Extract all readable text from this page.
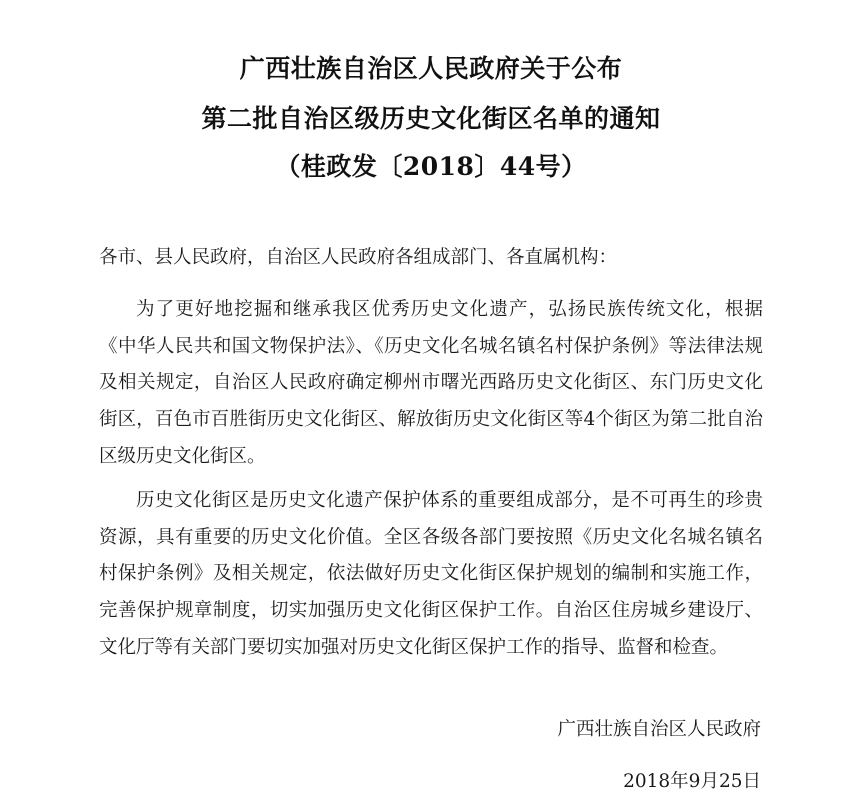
广西壮族自治区人民政府关于公布
第二批自治区级历史文化街区名单的通知
（桂政发〔2018〕44号）
各市、县人民政府，自治区人民政府各组成部门、各直属机构：
为了更好地挖掘和继承我区优秀历史文化遗产，弘扬民族传统文化，根据《中华人民共和国文物保护法》、《历史文化名城名镇名村保护条例》等法律法规及相关规定，自治区人民政府确定柳州市曙光西路历史文化街区、东门历史文化街区，百色市百胜街历史文化街区、解放街历史文化街区等4个街区为第二批自治区级历史文化街区。
历史文化街区是历史文化遗产保护体系的重要组成部分，是不可再生的珍贵资源，具有重要的历史文化价值。全区各级各部门要按照《历史文化名城名镇名村保护条例》及相关规定，依法做好历史文化街区保护规划的编制和实施工作，完善保护规章制度，切实加强历史文化街区保护工作。自治区住房城乡建设厅、文化厅等有关部门要切实加强对历史文化街区保护工作的指导、监督和检查。
广西壮族自治区人民政府
2018年9月25日
